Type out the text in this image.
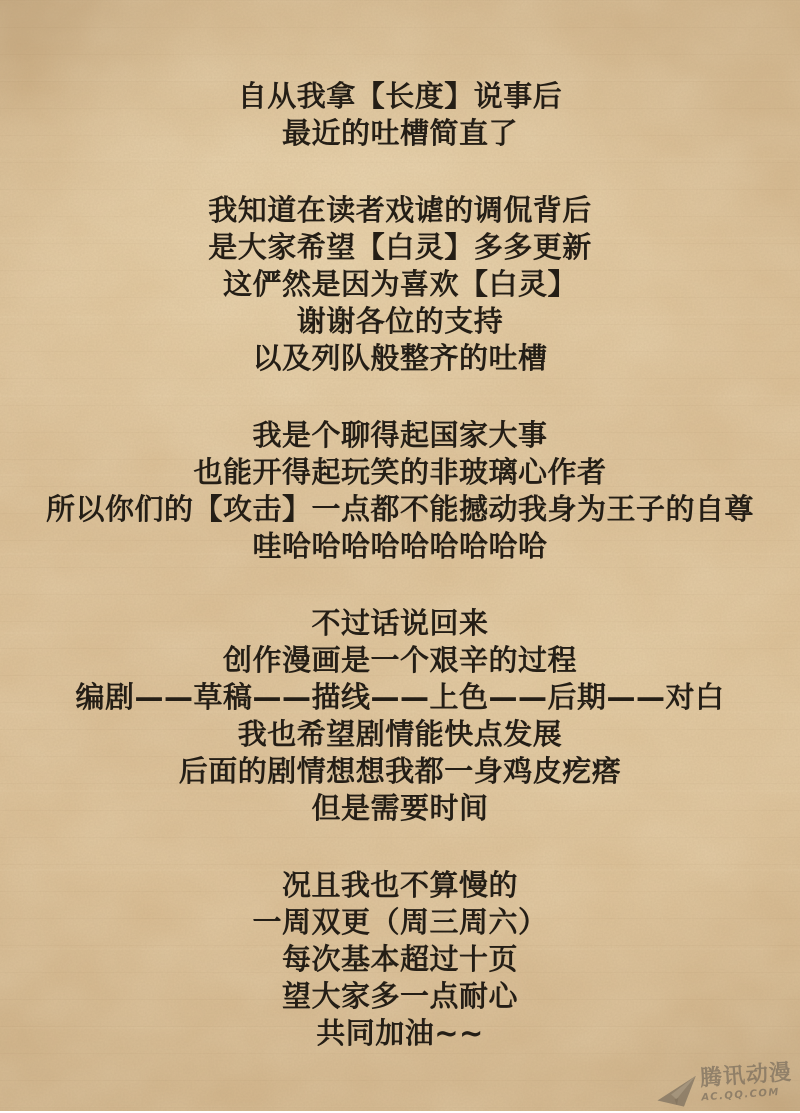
自从我拿【长度】说事后
最近的吐槽简直了

我知道在读者戏谑的调侃背后
是大家希望【白灵】多多更新
这俨然是因为喜欢【白灵】
谢谢各位的支持
以及列队般整齐的吐槽

我是个聊得起国家大事
也能开得起玩笑的非玻璃心作者
所以你们的【攻击】一点都不能撼动我身为王子的自尊
哇哈哈哈哈哈哈哈哈哈

不过话说回来
创作漫画是一个艰辛的过程
编剧——草稿——描线——上色——后期——对白
我也希望剧情能快点发展
后面的剧情想想我都一身鸡皮疙瘩
但是需要时间

况且我也不算慢的
一周双更（周三周六）
每次基本超过十页
望大家多一点耐心
共同加油~~

腾讯动漫
AC.QQ.COM
